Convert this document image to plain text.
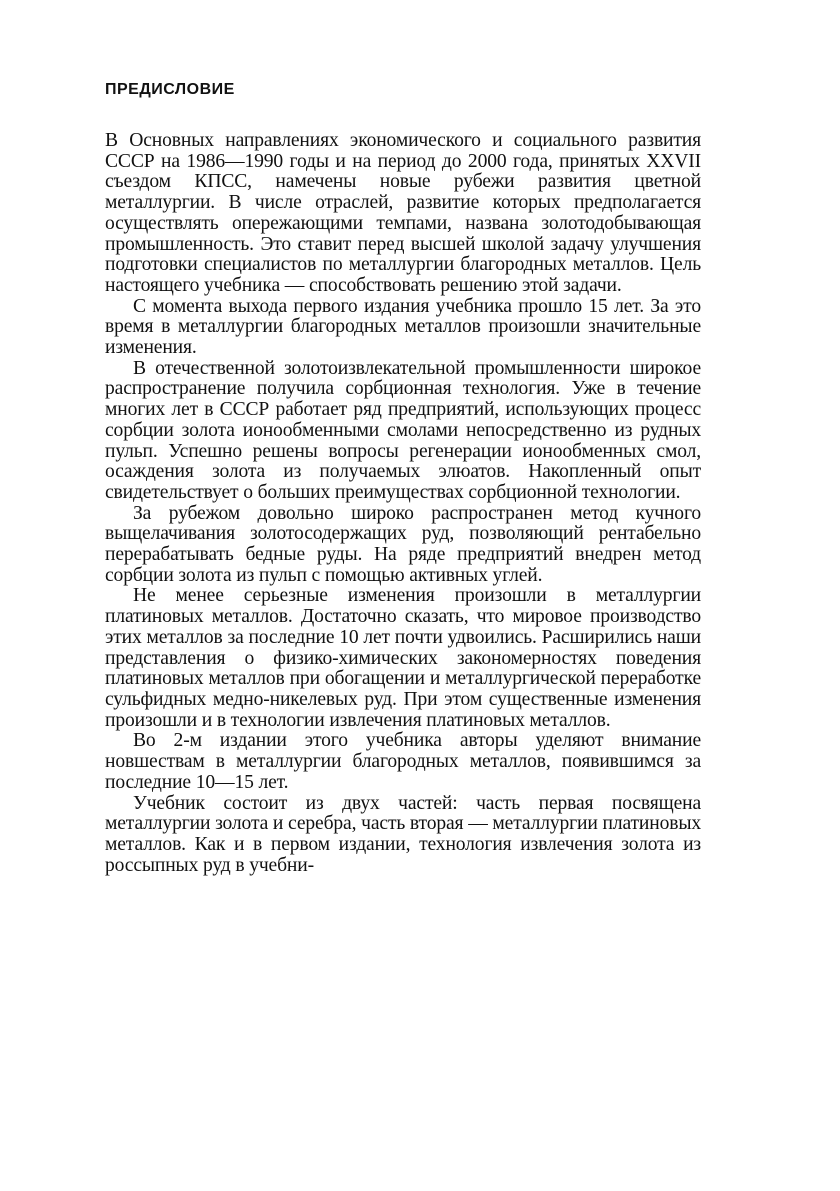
ПРЕДИСЛОВИЕ

В Основных направлениях экономического и социального развития СССР на 1986—1990 годы и на период до 2000 года, принятых XXVII съездом КПСС, намечены новые рубежи развития цветной металлургии. В числе отраслей, развитие которых предполагается осуществлять опережающими темпами, названа золотодобывающая промышленность. Это ставит перед высшей школой задачу улучшения подготовки специалистов по металлургии благородных металлов. Цель настоящего учебника — способствовать решению этой задачи.

С момента выхода первого издания учебника прошло 15 лет. За это время в металлургии благородных металлов произошли значительные изменения.

В отечественной золотоизвлекательной промышленности широкое распространение получила сорбционная технология. Уже в течение многих лет в СССР работает ряд предприятий, использующих процесс сорбции золота ионообменными смолами непосредственно из рудных пульп. Успешно решены вопросы регенерации ионообменных смол, осаждения золота из получаемых элюатов. Накопленный опыт свидетельствует о больших преимуществах сорбционной технологии.

За рубежом довольно широко распространен метод кучного выщелачивания золотосодержащих руд, позволяющий рентабельно перерабатывать бедные руды. На ряде предприятий внедрен метод сорбции золота из пульп с помощью активных углей.

Не менее серьезные изменения произошли в металлургии платиновых металлов. Достаточно сказать, что мировое производство этих металлов за последние 10 лет почти удвоились. Расширились наши представления о физико-химических закономерностях поведения платиновых металлов при обогащении и металлургической переработке сульфидных медно-никелевых руд. При этом существенные изменения произошли и в технологии извлечения платиновых металлов.

Во 2-м издании этого учебника авторы уделяют внимание новшествам в металлургии благородных металлов, появившимся за последние 10—15 лет.

Учебник состоит из двух частей: часть первая посвящена металлургии золота и серебра, часть вторая — металлургии платиновых металлов. Как и в первом издании, технология извлечения золота из россыпных руд в учебни-
